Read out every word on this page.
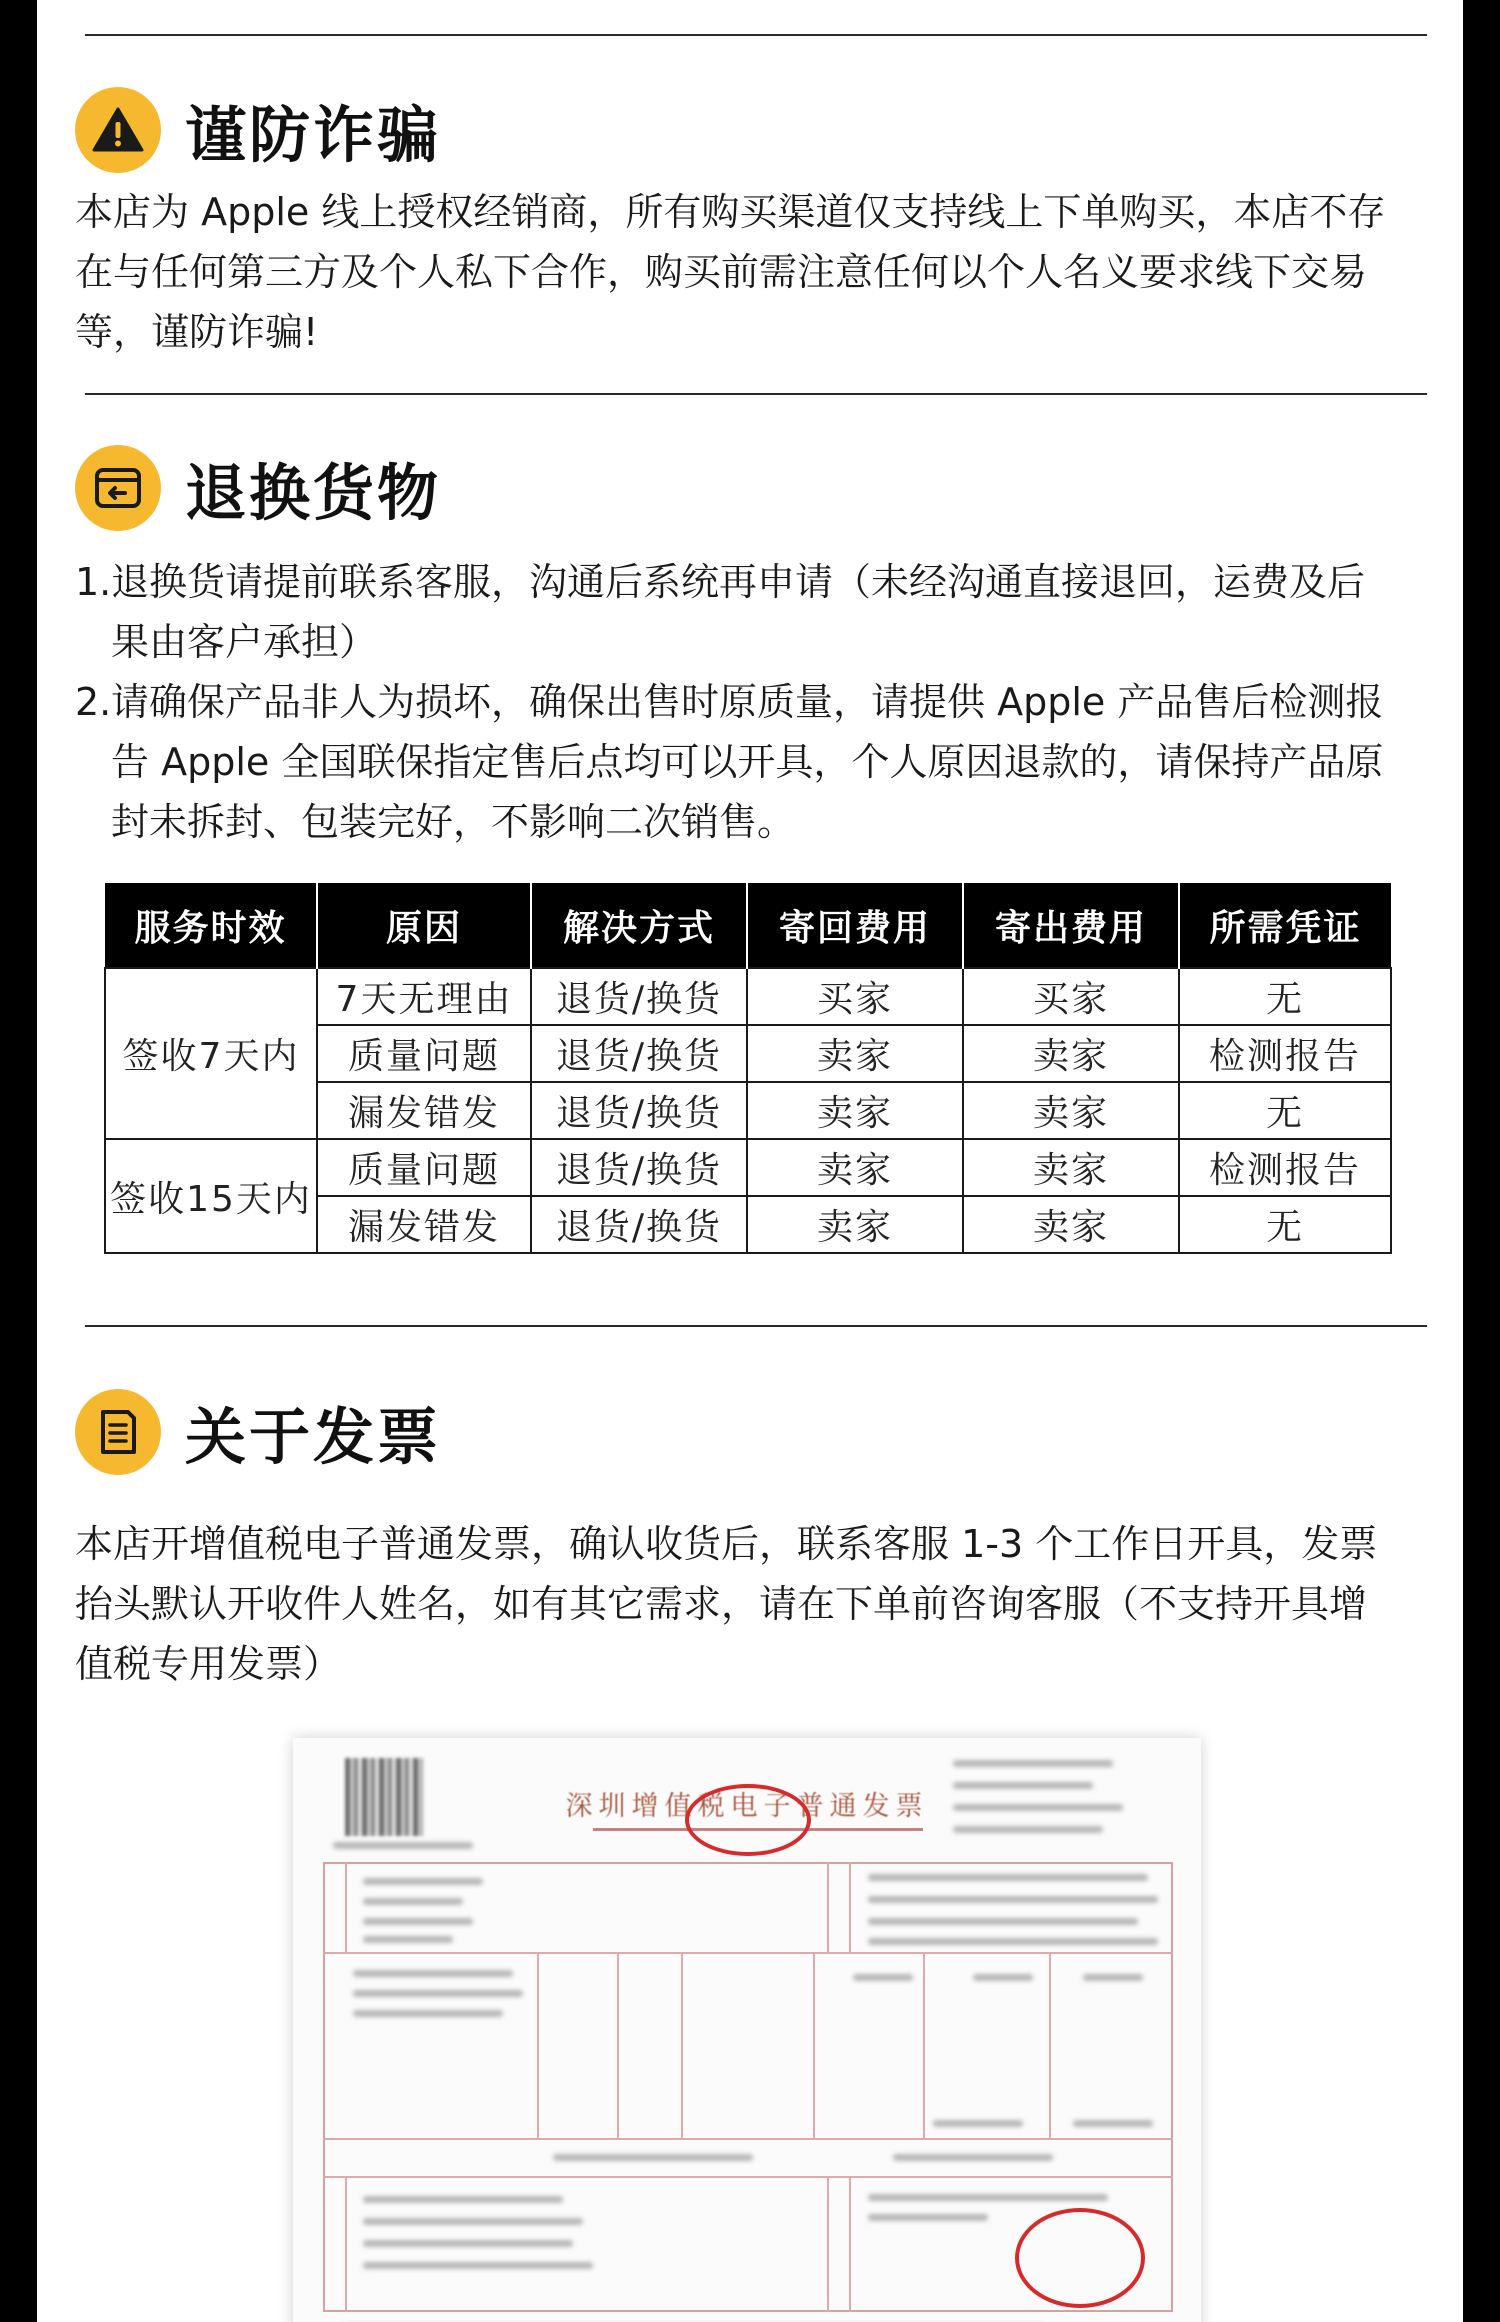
谨防诈骗
本店为 Apple 线上授权经销商，所有购买渠道仅支持线上下单购买，本店不存
在与任何第三方及个人私下合作，购买前需注意任何以个人名义要求线下交易
等，谨防诈骗!
退换货物
1. 退换货请提前联系客服，沟通后系统再申请（未经沟通直接退回，运费及后
果由客户承担）
2. 请确保产品非人为损坏，确保出售时原质量，请提供 Apple 产品售后检测报
告 Apple 全国联保指定售后点均可以开具，个人原因退款的，请保持产品原
封未拆封、包装完好，不影响二次销售。
服务时效	原因	解决方式	寄回费用	寄出费用	所需凭证
签收7天内	7天无理由	退货/换货	买家	买家	无
	质量问题	退货/换货	卖家	卖家	检测报告
	漏发错发	退货/换货	卖家	卖家	无
签收15天内	质量问题	退货/换货	卖家	卖家	检测报告
	漏发错发	退货/换货	卖家	卖家	无
关于发票
本店开增值税电子普通发票，确认收货后，联系客服 1-3 个工作日开具，发票
抬头默认开收件人姓名，如有其它需求，请在下单前咨询客服（不支持开具增
值税专用发票）
深圳增值税电子普通发票
